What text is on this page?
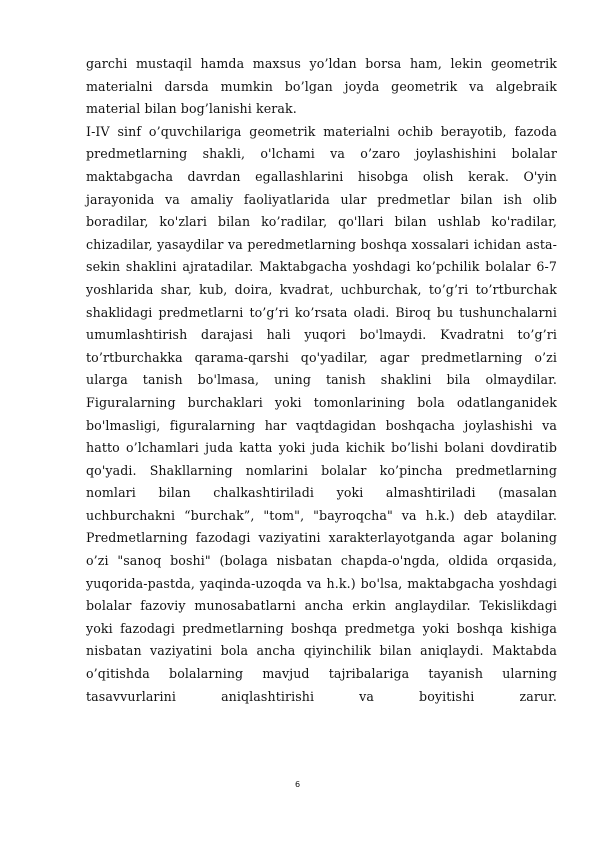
garchi mustaqil hamda maxsus yo’ldan borsa ham, lekin geometrik materialni darsda mumkin bo’lgan joyda geometrik va algebraik material bilan bog’lanishi kerak.

I-IV sinf o’quvchilariga geometrik materialni ochib berayotib, fazoda predmetlarning shakli, o'lchami va o’zaro joylashishini bolalar maktabgacha davrdan egallashlarini hisobga olish kerak. O'yin jarayonida va amaliy faoliyatlarida ular predmetlar bilan ish olib boradilar, ko'zlari bilan ko’radilar, qo'llari bilan ushlab ko'radilar, chizadilar, yasaydilar va peredmetlarning boshqa xossalari ichidan asta-sekin shaklini ajratadilar. Maktabgacha yoshdagi ko’pchilik bolalar 6-7 yoshlarida shar, kub, doira, kvadrat, uchburchak, to’g’ri to’rtburchak shaklidagi predmetlarni to’g’ri ko’rsata oladi. Biroq bu tushunchalarni umumlashtirish darajasi hali yuqori bo'lmaydi. Kvadratni to’g’ri to’rtburchakka qarama-qarshi qo'yadilar, agar predmetlarning o’zi ularga tanish bo'lmasa, uning tanish shaklini bila olmaydilar. Figuralarning burchaklari yoki tomonlarining bola odatlanganidek bo'lmasligi, figuralarning har vaqtdagidan boshqacha joylashishi va hatto o’lchamlari juda katta yoki juda kichik bo’lishi bolani dovdiratib qo'yadi. Shakllarning nomlarini bolalar ko’pincha predmetlarning nomlari bilan chalkashtiriladi yoki almashtiriladi (masalan uchburchakni “burchak”, "tom", "bayroqcha" va h.k.) deb ataydilar. Predmetlarning fazodagi vaziyatini xarakterlayotganda agar bolaning o’zi "sanoq boshi" (bolaga nisbatan chapda-o'ngda, oldida orqasida, yuqorida-pastda, yaqinda-uzoqda va h.k.) bo'lsa, maktabgacha yoshdagi bolalar fazoviy munosabatlarni ancha erkin anglaydilar. Tekislikdagi yoki fazodagi predmetlarning boshqa predmetga yoki boshqa kishiga nisbatan vaziyatini bola ancha qiyinchilik bilan aniqlaydi. Maktabda o’qitishda bolalarning mavjud tajribalariga tayanish ularning tasavvurlarini aniqlashtirishi va boyitishi zarur.

6
